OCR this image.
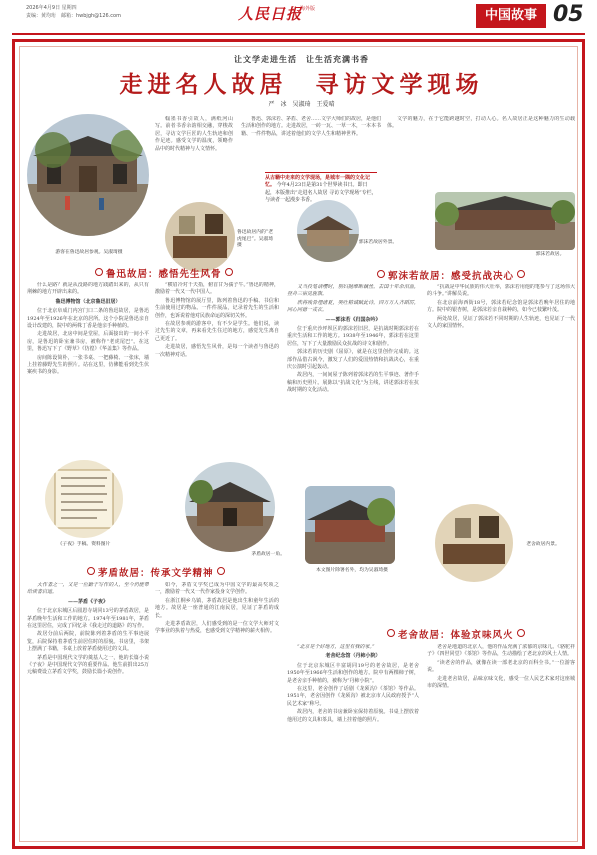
2026年4月9日 星期四
责编：黄均珩　邮箱：hwbjgh@126.com	人民日报
海外版	中国故事 05
让文学走进生活　让生活充满书香
走进名人故居　寻访文学现场
严 冰　吴淑琦　王爱晴
游客在鲁迅故居参观。吴淑琦摄

翰墨书香引故人，满纸河山写。前者书香余韵相交融，穿梭故居，寻访文学巨匠的人生轨迹和创作足迹。感受文学的温度，领略作品中的时代精神与人文情怀。

鲁迅、郭沫若、茅盾、老舍……文学大师们的故居，是他们生活和创作的地方。走进故居，一砖一瓦、一草一木，一本本书籍、一件件物品，讲述着他们的文学人生和精神世界。

文学的魅力，在于它能跨越时空，打动人心。名人故居正是这种魅力的生动载体。

从古籍中走来的文学现场，是城市一隅的文化记忆。 今年4月23日是第31个世界读书日。即日起，本版推出“走进名人故居 寻访文学现场”专栏，与读者一起漫步书香。
鲁迅故居内的“老虎尾巴”。吴淑琦摄
郭沫若故居外景。
郭沫若故居。
鲁迅故居：感悟先生风骨

什么是路？就是从没路的地方践踏出来的，从只有荆棘的地方开辟出来的。

鲁迅博物馆（北京鲁迅旧居）

位于北京阜成门内宫门口二条的鲁迅故居，是鲁迅1924年至1926年在北京的居所。这个小院是鲁迅亲自设计改建的，院中的两株丁香是他亲手种植的。

走进故居，北房中间是堂屋，后面接出的一间小平房，是鲁迅的卧室兼书房，被称作“老虎尾巴”。在这里，鲁迅写下了《野草》《彷徨》《华盖集》等作品。

房间陈设简朴，一张书桌、一把藤椅、一张床，墙上挂着藤野先生的照片。站在这里，仿佛能看到先生伏案疾书的身影。

“横眉冷对千夫指，俯首甘为孺子牛。”鲁迅的精神，激励着一代又一代中国人。

鲁迅博物馆的展厅里，陈列着鲁迅的手稿、书信和生前使用过的物品。一件件展品，记录着先生的生活和创作，也诉说着他对民族命运的深切关怀。

在故居参观的游客中，有不少是学生。他们说，读过先生的文章，再来看先生住过的地方，感觉先生离自己更近了。

走进故居，感悟先生风骨，是每一个读者与鲁迅的一次精神对话。

郭沫若故居：感受抗战决心

又当投笔请缨时，别妇抛维断藕丝。去国十年余泪血，登舟三宿见旌旗。

欣将残骨埋诸夏，哭吐精诚赋此诗。四万万人齐蹈厉，同心同德一戎衣。

——郭沫若《归国杂吟》

位于重庆沙坪坝区的郭沫若旧居，是抗战时期郭沫若在重庆生活和工作的地方。1938年至1946年，郭沫若在这里居住，写下了大量激励民众抗战的诗文和剧作。

郭沫若的历史剧《屈原》，就是在这里创作完成的。这部作品借古讽今，激发了人们的爱国热情和抗战决心，在重庆公演时引起轰动。

故居内，一间间屋子陈列着郭沫若的生平事迹、著作手稿和历史照片。展陈以“抗战文化”为主线，讲述郭沫若在抗战时期的文化活动。

“抗战是中华民族的伟大壮举，郭沫若用他的笔参与了这场伟大的斗争。”讲解员说。

在北京前海西街18号，郭沫若纪念馆是郭沫若晚年居住的地方。院中的银杏树，是郭沫若亲自栽种的，如今已枝繁叶茂。

两处故居，见证了郭沫若不同时期的人生轨迹，也见证了一代文人的家国情怀。

《子夜》手稿。资料图片
茅盾故居一角。
茅盾故居：传承文学精神

大作者之一，又是一位勤于写作的人，至今仍能带给读者启迪。

——茅盾《子夜》

位于北京东城区后圆恩寺胡同13号的茅盾故居，是茅盾晚年生活和工作的地方。1974年至1981年，茅盾在这里居住，完成了回忆录《我走过的道路》的写作。

故居分前后两院，前院陈列着茅盾的生平事迹展览，后院保持着茅盾生前居住时的原貌。书房里，书架上摆满了书籍，书桌上放着茅盾使用过的文具。

茅盾是中国现代文学的奠基人之一，他的长篇小说《子夜》是中国现代文学的重要作品。他生前捐出25万元稿费设立茅盾文学奖，鼓励长篇小说创作。

如今，茅盾文学奖已成为中国文学的最高奖项之一，激励着一代又一代作家投身文学创作。

在浙江桐乡乌镇，茅盾故居是他出生和童年生活的地方。故居是一座普通的江南民居，见证了茅盾的成长。

走进茅盾故居，人们感受到的是一位文学大师对文学事业的执着与热爱，也感受到文学精神的薪火相传。

本文图片除署名外，均为吴淑琦摄
老舍故居内景。
老舍故居：体验京味风火

“北京是个好地方，这里有我的家。”

老舍纪念馆（丹柿小院）

位于北京东城区丰富胡同19号的老舍故居，是老舍1950年至1966年生活和创作的地方。院中有两棵柿子树，是老舍亲手种植的，被称为“丹柿小院”。

在这里，老舍创作了话剧《龙须沟》《茶馆》等作品。1951年，老舍因创作《龙须沟》被北京市人民政府授予“人民艺术家”称号。

故居内，老舍的书房兼卧室保持着原貌。书桌上摆放着他用过的文具和茶具，墙上挂着他的照片。

老舍是地道的北京人，他的作品充满了浓郁的京味儿。《骆驼祥子》《四世同堂》《茶馆》等作品，生动描绘了老北京的风土人情。

“读老舍的作品，就像在读一部老北京的百科全书。”一位游客说。

走进老舍故居，品味京味文化，感受一位人民艺术家对这座城市的深情。
